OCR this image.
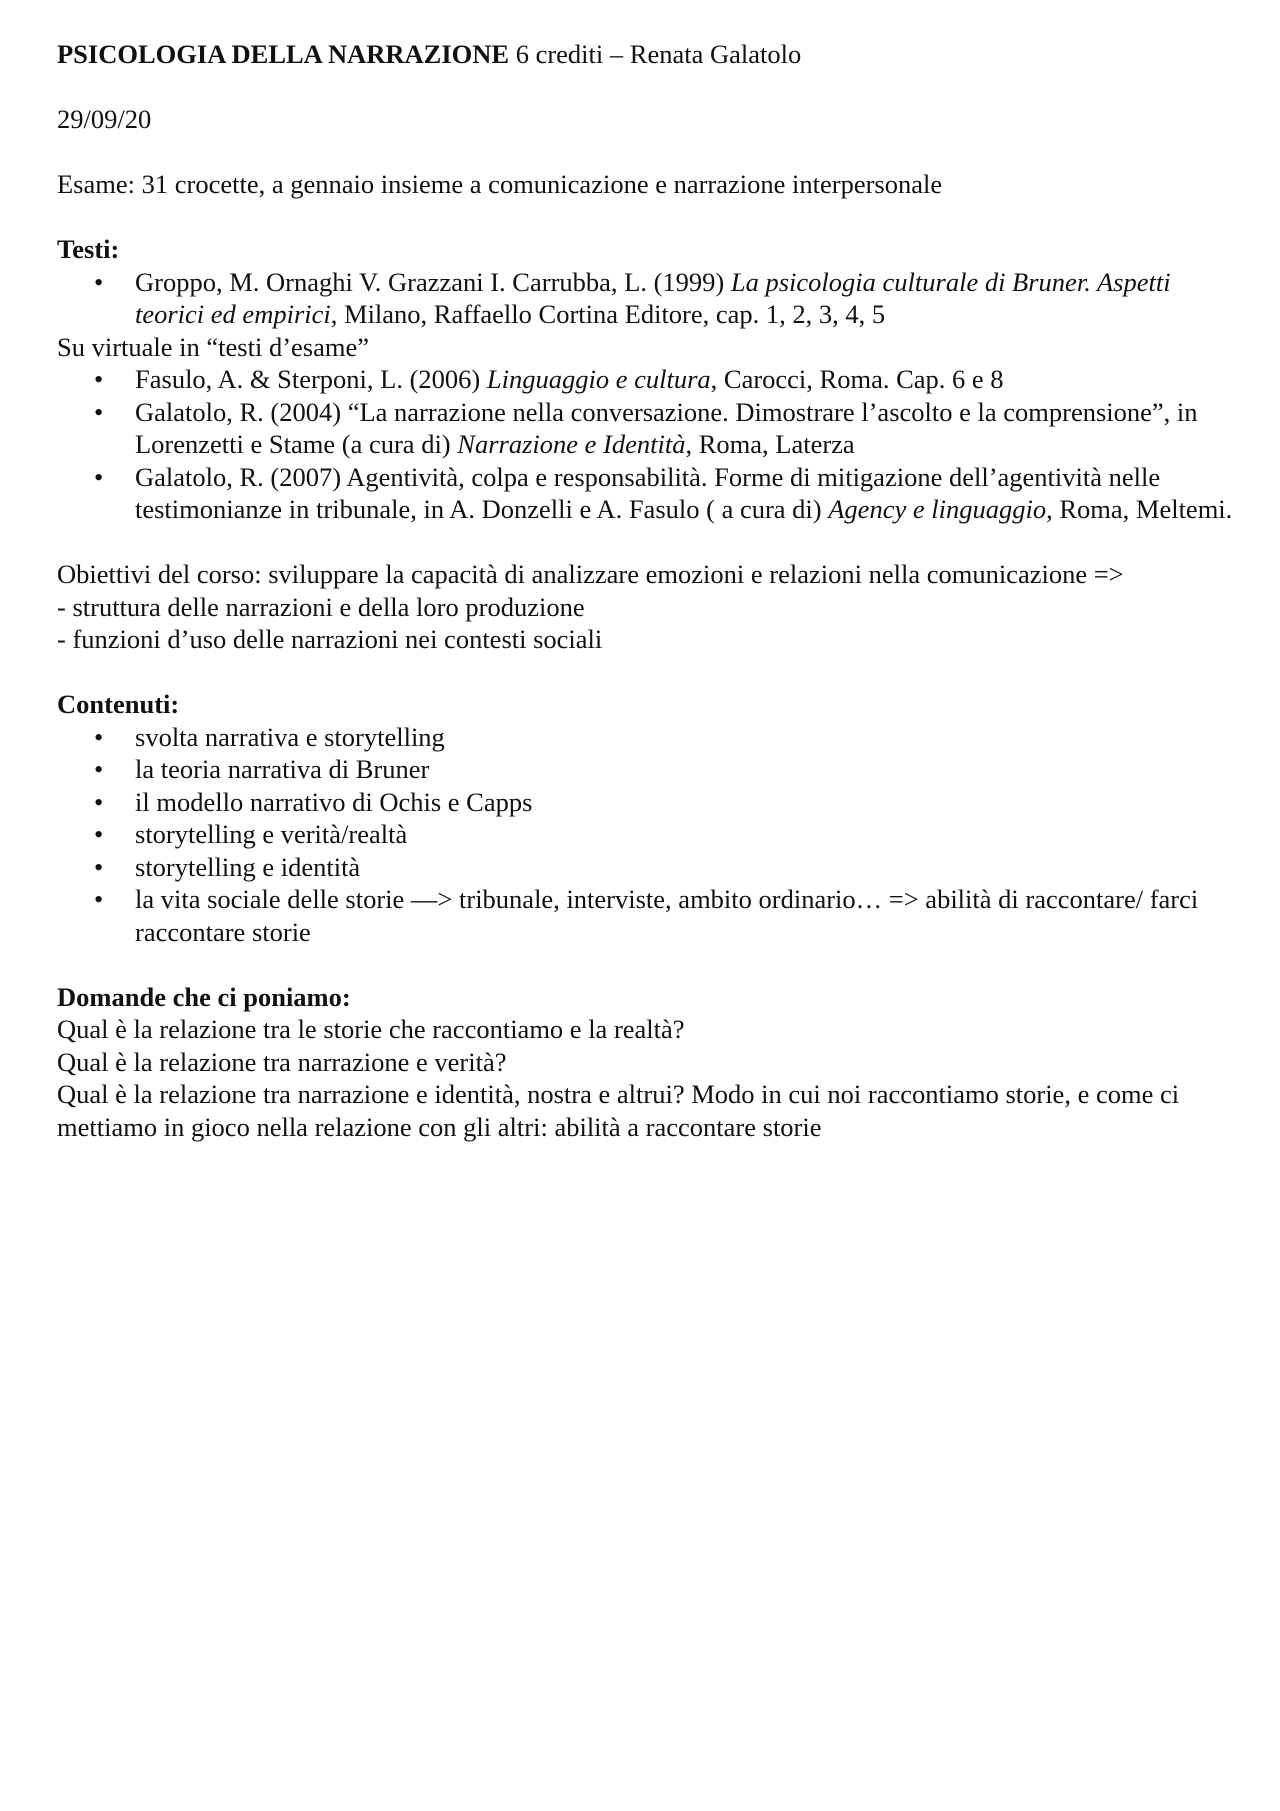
PSICOLOGIA DELLA NARRAZIONE 6 crediti – Renata Galatolo

29/09/20

Esame: 31 crocette, a gennaio insieme a comunicazione e narrazione interpersonale

Testi:

• Groppo, M. Ornaghi V. Grazzani I. Carrubba, L. (1999) La psicologia culturale di Bruner. Aspetti teorici ed empirici, Milano, Raffaello Cortina Editore, cap. 1, 2, 3, 4, 5

Su virtuale in “testi d’esame”

• Fasulo, A. & Sterponi, L. (2006) Linguaggio e cultura, Carocci, Roma. Cap. 6 e 8
• Galatolo, R. (2004) “La narrazione nella conversazione. Dimostrare l’ascolto e la comprensione”, in Lorenzetti e Stame (a cura di) Narrazione e Identità, Roma, Laterza
• Galatolo, R. (2007) Agentività, colpa e responsabilità. Forme di mitigazione dell’agentività nelle testimonianze in tribunale, in A. Donzelli e A. Fasulo ( a cura di) Agency e linguaggio, Roma, Meltemi.

Obiettivi del corso: sviluppare la capacità di analizzare emozioni e relazioni nella comunicazione =>

- struttura delle narrazioni e della loro produzione

- funzioni d’uso delle narrazioni nei contesti sociali

Contenuti:

• svolta narrativa e storytelling
• la teoria narrativa di Bruner
• il modello narrativo di Ochis e Capps
• storytelling e verità/realtà
• storytelling e identità
• la vita sociale delle storie —> tribunale, interviste, ambito ordinario… => abilità di raccontare/ farci raccontare storie

Domande che ci poniamo:

Qual è la relazione tra le storie che raccontiamo e la realtà?

Qual è la relazione tra narrazione e verità?

Qual è la relazione tra narrazione e identità, nostra e altrui? Modo in cui noi raccontiamo storie, e come ci mettiamo in gioco nella relazione con gli altri: abilità a raccontare storie
